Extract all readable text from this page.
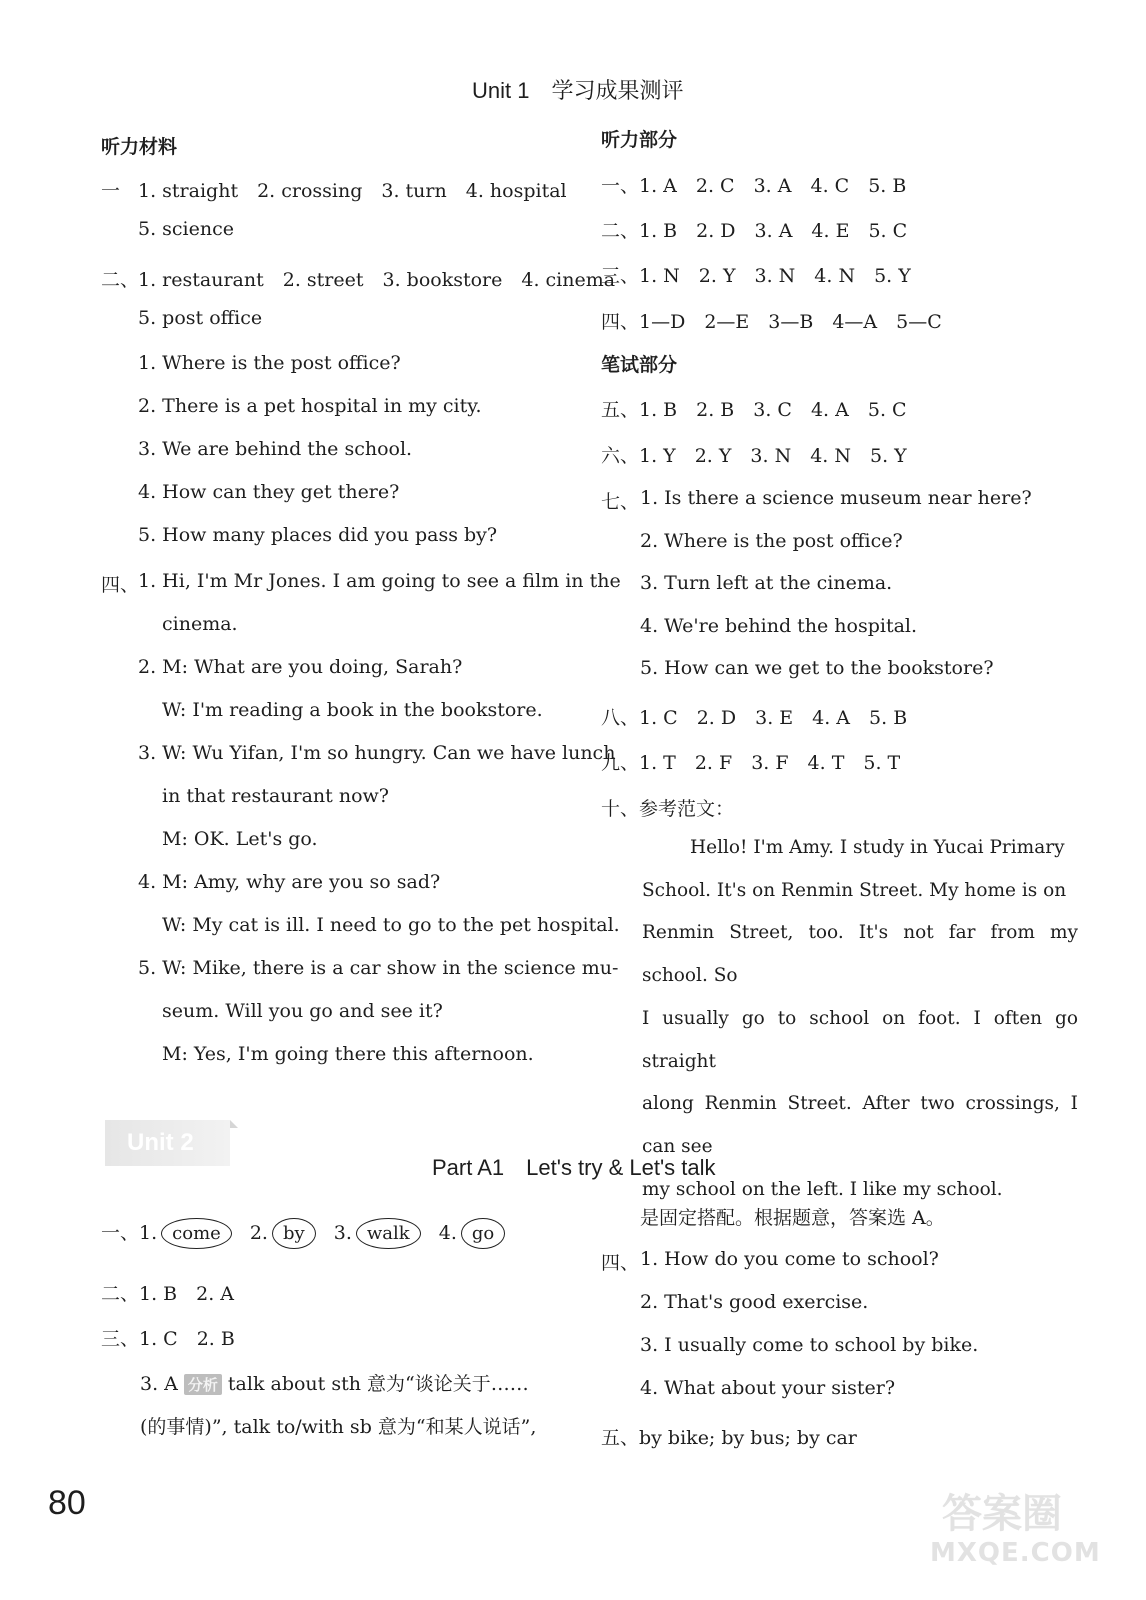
Unit 1　学习成果测评
听力材料
一 1. straight　2. crossing　3. turn　4. hospital
5. science
二、
1. restaurant　2. street　3. bookstore　4. cinema
5. post office
1. Where is the post office?
2. There is a pet hospital in my city.
3. We are behind the school.
4. How can they get there?
5. How many places did you pass by?
四、
1. Hi, I'm Mr Jones. I am going to see a film in the
cinema.
2. M: What are you doing, Sarah?
W: I'm reading a book in the bookstore.
3. W: Wu Yifan, I'm so hungry. Can we have lunch
in that restaurant now?
M: OK. Let's go.
4. M: Amy, why are you so sad?
W: My cat is ill. I need to go to the pet hospital.
5. W: Mike, there is a car show in the science mu-
seum. Will you go and see it?
M: Yes, I'm going there this afternoon.
听力部分
一、1. A　2. C　3. A　4. C　5. B
二、1. B　2. D　3. A　4. E　5. C
三、1. N　2. Y　3. N　4. N　5. Y
四、1—D　2—E　3—B　4—A　5—C
笔试部分
五、1. B　2. B　3. C　4. A　5. C
六、1. Y　2. Y　3. N　4. N　5. Y
七、 1. Is there a science museum near here?
2. Where is the post office?
3. Turn left at the cinema.
4. We're behind the hospital.
5. How can we get to the bookstore?
八、1. C　2. D　3. E　4. A　5. B
九、1. T　2. F　3. F　4. T　5. T
十、参考范文：
Hello! I'm Amy. I study in Yucai Primary
School. It's on Renmin Street. My home is on
Renmin Street, too. It's not far from my school. So
I usually go to school on foot. I often go straight
along Renmin Street. After two crossings, I can see
my school on the left. I like my school.
Unit 2
Part A1　Let's try & Let's talk
一、1. come 2. by 3. walk 4. go
二、1. B　2. A
三、1. C　2. B
3. A 分析 talk about sth 意为“谈论关于……
(的事情)”, talk to/with sb 意为“和某人说话”,
是固定搭配。根据题意，答案选 A。
四、 1. How do you come to school?
2. That's good exercise.
3. I usually come to school by bike.
4. What about your sister?
五、by bike; by bus; by car
80	答案圈
MXQE.COM
